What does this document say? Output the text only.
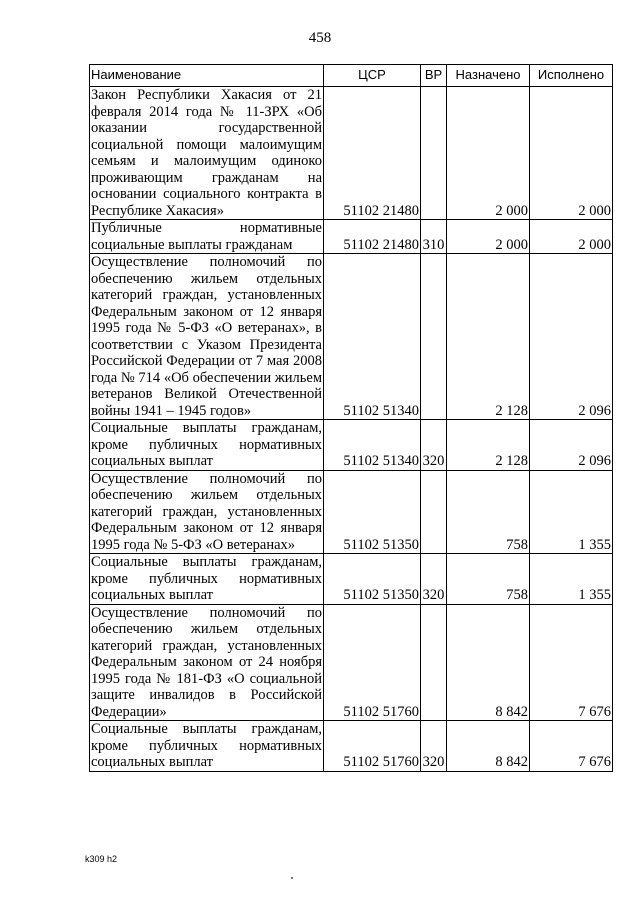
458
Наименование	ЦСР	ВР	Назначено	Исполнено
Закон Республики Хакасия от 21 февраля 2014 года № 11-ЗРХ «Об оказании государственной социальной помощи малоимущим семьям и малоимущим одиноко проживающим гражданам на основании социального контракта в Республике Хакасия»	51102 21480		2 000	2 000
Публичные нормативные социальные выплаты гражданам	51102 21480	310	2 000	2 000
Осуществление полномочий по обеспечению жильем отдельных категорий граждан, установленных Федеральным законом от 12 января 1995 года № 5-ФЗ «О ветеранах», в соответствии с Указом Президента Российской Федерации от 7 мая 2008 года № 714 «Об обеспечении жильем ветеранов Великой Отечественной войны 1941 – 1945 годов»	51102 51340		2 128	2 096
Социальные выплаты гражданам, кроме публичных нормативных социальных выплат	51102 51340	320	2 128	2 096
Осуществление полномочий по обеспечению жильем отдельных категорий граждан, установленных Федеральным законом от 12 января 1995 года № 5-ФЗ «О ветеранах»	51102 51350		758	1 355
Социальные выплаты гражданам, кроме публичных нормативных социальных выплат	51102 51350	320	758	1 355
Осуществление полномочий по обеспечению жильем отдельных категорий граждан, установленных Федеральным законом от 24 ноября 1995 года № 181-ФЗ «О социальной защите инвалидов в Российской Федерации»	51102 51760		8 842	7 676
Социальные выплаты гражданам, кроме публичных нормативных социальных выплат	51102 51760	320	8 842	7 676
k309 h2
